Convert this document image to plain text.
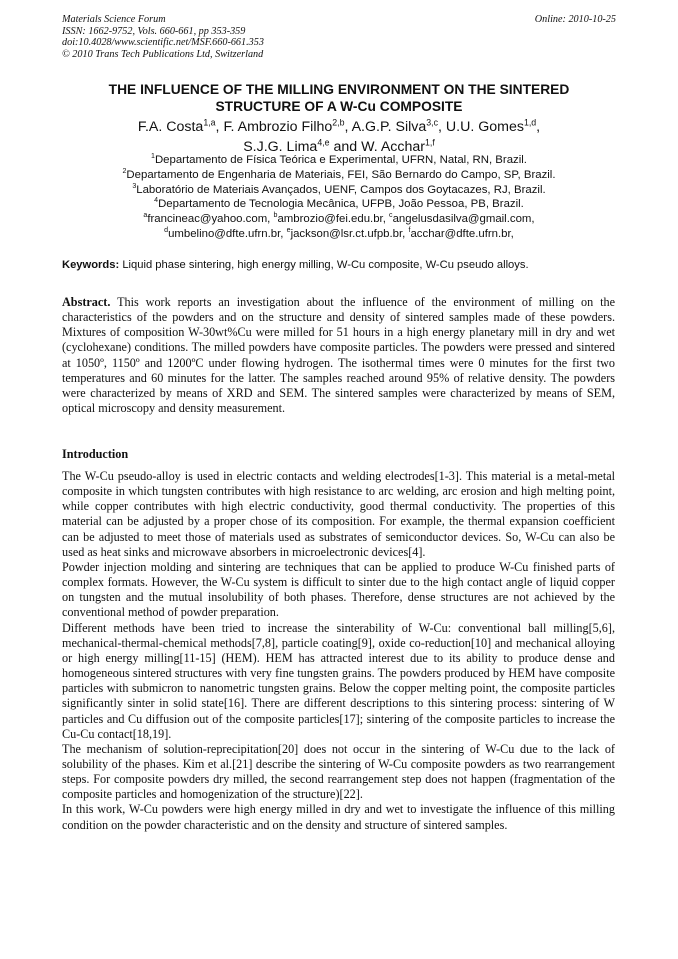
Materials Science Forum
ISSN: 1662-9752, Vols. 660-661, pp 353-359
doi:10.4028/www.scientific.net/MSF.660-661.353
© 2010 Trans Tech Publications Ltd, Switzerland
Online: 2010-10-25
THE INFLUENCE OF THE MILLING ENVIRONMENT ON THE SINTERED
STRUCTURE OF A W-Cu COMPOSITE
F.A. Costa$^{1,a}$, F. Ambrozio Filho$^{2,b}$, A.G.P. Silva$^{3,c}$, U.U. Gomes$^{1,d}$,
S.J.G. Lima$^{4,e}$ and W. Acchar$^{1,f}$
$^1$Departamento de Física Teórica e Experimental, UFRN, Natal, RN, Brazil.
$^2$Departamento de Engenharia de Materiais, FEI, São Bernardo do Campo, SP, Brazil.
$^3$Laboratório de Materiais Avançados, UENF, Campos dos Goytacazes, RJ, Brazil.
$^4$Departamento de Tecnologia Mecânica, UFPB, João Pessoa, PB, Brazil.
$^a$francineac@yahoo.com, $^b$ambrozio@fei.edu.br, $^c$angelusdasilva@gmail.com,
$^d$umbelino@dfte.ufrn.br, $^e$jackson@lsr.ct.ufpb.br, $^f$acchar@dfte.ufrn.br,
Keywords: Liquid phase sintering, high energy milling, W-Cu composite, W-Cu pseudo alloys.

Abstract. This work reports an investigation about the influence of the environment of milling on the characteristics of the powders and on the structure and density of sintered samples made of these powders. Mixtures of composition W-30wt%Cu were milled for 51 hours in a high energy planetary mill in dry and wet (cyclohexane) conditions. The milled powders have composite particles. The powders were pressed and sintered at 1050º, 1150º and 1200ºC under flowing hydrogen. The isothermal times were 0 minutes for the first two temperatures and 60 minutes for the latter. The samples reached around 95% of relative density. The powders were characterized by means of XRD and SEM. The sintered samples were characterized by means of SEM, optical microscopy and density measurement.

Introduction

The W-Cu pseudo-alloy is used in electric contacts and welding electrodes[1-3]. This material is a metal-metal composite in which tungsten contributes with high resistance to arc welding, arc erosion and high melting point, while copper contributes with high electric conductivity, good thermal conductivity. The properties of this material can be adjusted by a proper chose of its composition. For example, the thermal expansion coefficient can be adjusted to meet those of materials used as substrates of semiconductor devices. So, W-Cu can also be used as heat sinks and microwave absorbers in microelectronic devices[4].

Powder injection molding and sintering are techniques that can be applied to produce W-Cu finished parts of complex formats. However, the W-Cu system is difficult to sinter due to the high contact angle of liquid copper on tungsten and the mutual insolubility of both phases. Therefore, dense structures are not achieved by the conventional method of powder preparation.

Different methods have been tried to increase the sinterability of W-Cu: conventional ball milling[5,6], mechanical-thermal-chemical methods[7,8], particle coating[9], oxide co-reduction[10] and mechanical alloying or high energy milling[11-15] (HEM). HEM has attracted interest due to its ability to produce dense and homogeneous sintered structures with very fine tungsten grains. The powders produced by HEM have composite particles with submicron to nanometric tungsten grains. Below the copper melting point, the composite particles significantly sinter in solid state[16]. There are different descriptions to this sintering process: sintering of W particles and Cu diffusion out of the composite particles[17]; sintering of the composite particles to increase the Cu-Cu contact[18,19].

The mechanism of solution-reprecipitation[20] does not occur in the sintering of W-Cu due to the lack of solubility of the phases. Kim et al.[21] describe the sintering of W-Cu composite powders as two rearrangement steps. For composite powders dry milled, the second rearrangement step does not happen (fragmentation of the composite particles and homogenization of the structure)[22].

In this work, W-Cu powders were high energy milled in dry and wet to investigate the influence of this milling condition on the powder characteristic and on the density and structure of sintered samples.
